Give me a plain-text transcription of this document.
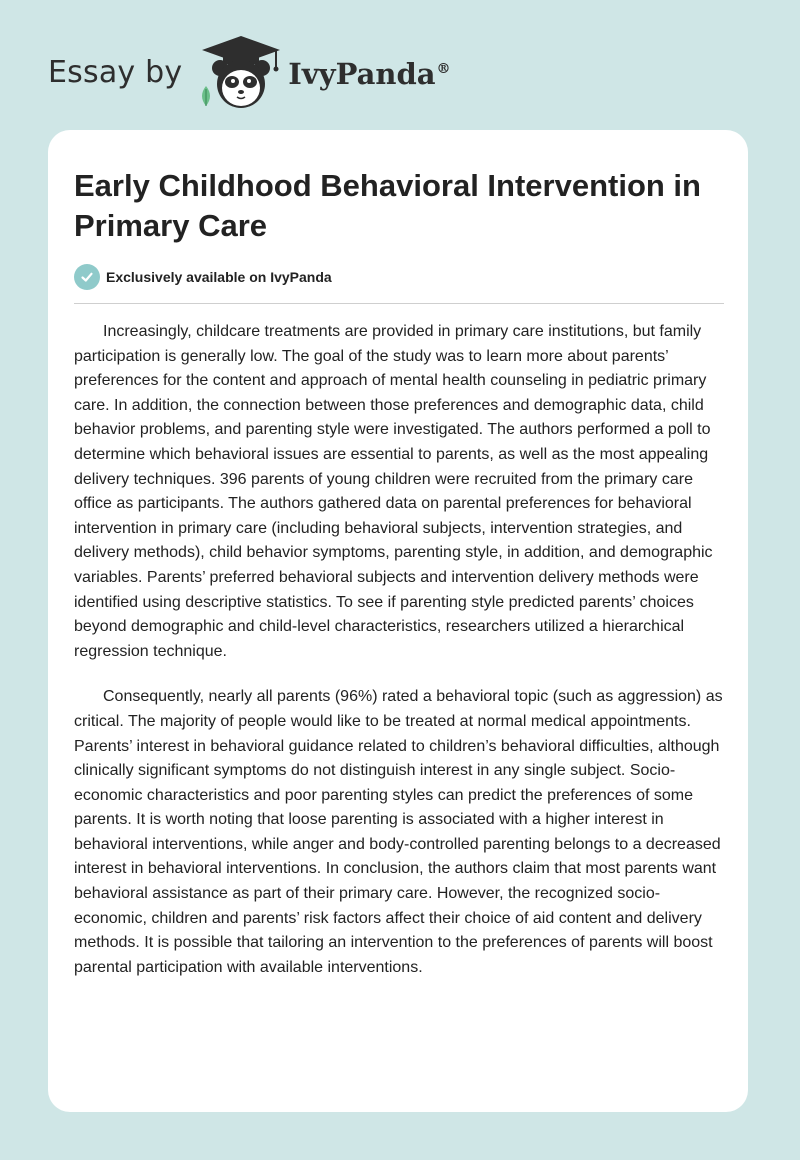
Essay by	IvyPanda®
Early Childhood Behavioral Intervention in Primary Care
Exclusively available on IvyPanda

Increasingly, childcare treatments are provided in primary care institutions, but family participation is generally low. The goal of the study was to learn more about parents’ preferences for the content and approach of mental health counseling in pediatric primary care. In addition, the connection between those preferences and demographic data, child behavior problems, and parenting style were investigated. The authors performed a poll to determine which behavioral issues are essential to parents, as well as the most appealing delivery techniques. 396 parents of young children were recruited from the primary care office as participants. The authors gathered data on parental preferences for behavioral intervention in primary care (including behavioral subjects, intervention strategies, and delivery methods), child behavior symptoms, parenting style, in addition, and demographic variables. Parents’ preferred behavioral subjects and intervention delivery methods were identified using descriptive statistics. To see if parenting style predicted parents’ choices beyond demographic and child-level characteristics, researchers utilized a hierarchical regression technique.

Consequently, nearly all parents (96%) rated a behavioral topic (such as aggression) as critical. The majority of people would like to be treated at normal medical appointments. Parents’ interest in behavioral guidance related to children’s behavioral difficulties, although clinically significant symptoms do not distinguish interest in any single subject. Socio-economic characteristics and poor parenting styles can predict the preferences of some parents. It is worth noting that loose parenting is associated with a higher interest in behavioral interventions, while anger and body-controlled parenting belongs to a decreased interest in behavioral interventions. In conclusion, the authors claim that most parents want behavioral assistance as part of their primary care. However, the recognized socio-economic, children and parents’ risk factors affect their choice of aid content and delivery methods. It is possible that tailoring an intervention to the preferences of parents will boost parental participation with available interventions.
